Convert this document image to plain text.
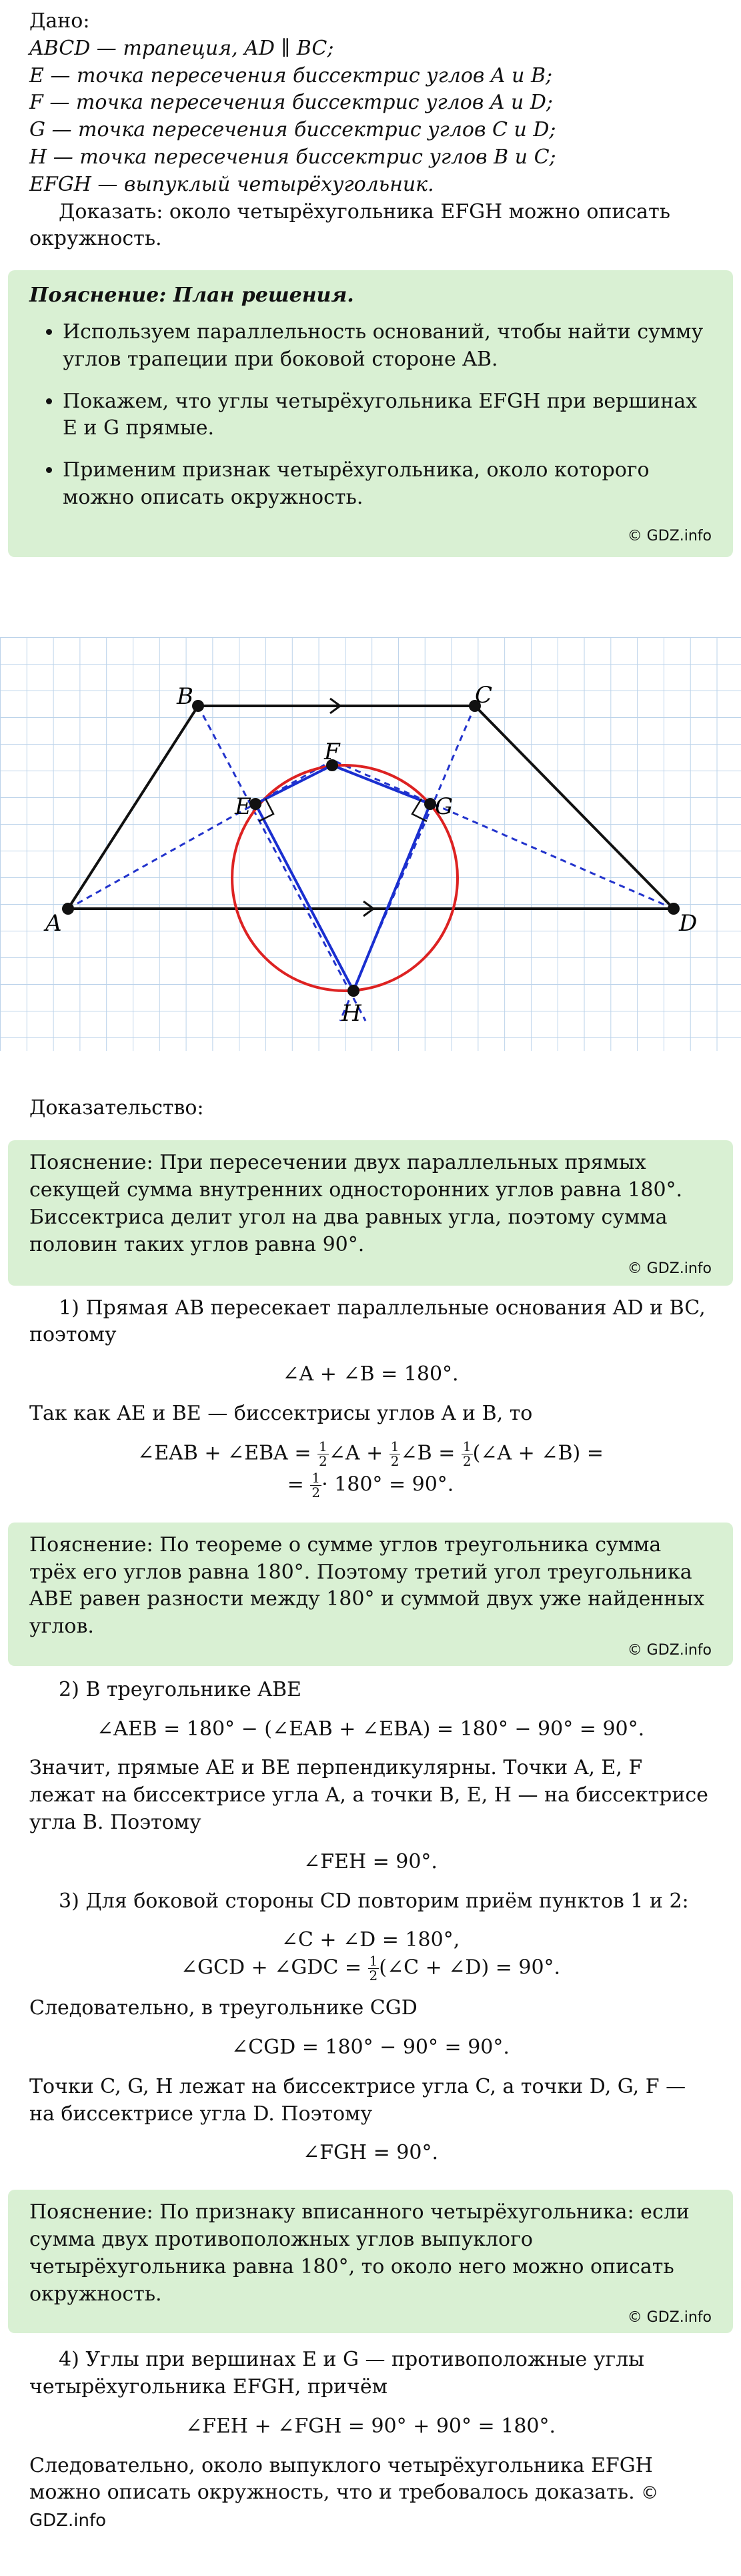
Дано:

ABCD — трапеция, AD ∥ BC;

E — точка пересечения биссектрис углов A и B;

F — точка пересечения биссектрис углов A и D;

G — точка пересечения биссектрис углов C и D;

H — точка пересечения биссектрис углов B и C;

EFGH — выпуклый четырёхугольник.

Доказать: около четырёхугольника EFGH можно описать окружность.

Пояснение: План решения.
• Используем параллельность оснований, чтобы найти сумму углов трапеции при боковой стороне AB.
• Покажем, что углы четырёхугольника EFGH при вершинах E и G прямые.
• Применим признак четырёхугольника, около которого можно описать окружность.
© GDZ.info
A
B	C
D
E
F
G
H

Доказательство:

Пояснение: При пересечении двух параллельных прямых секущей сумма внутренних односторонних углов равна 180°. Биссектриса делит угол на два равных угла, поэтому сумма половин таких углов равна 90°.

© GDZ.info

1) Прямая AB пересекает параллельные основания AD и BC, поэтому

∠A + ∠B = 180°.

Так как AE и BE — биссектрисы углов A и B, то

∠EAB + ∠EBA = $\frac{1}{2}$ ∠A + $\frac{1}{2}$ ∠B = $\frac{1}{2}$ (∠A + ∠B) =
= $\frac{1}{2} \cdot 180^\circ = 90^\circ$.

Пояснение: По теореме о сумме углов треугольника сумма трёх его углов равна 180°. Поэтому третий угол треугольника ABE равен разности между 180° и суммой двух уже найденных углов.

© GDZ.info

2) В треугольнике ABE

∠AEB = 180° − (∠EAB + ∠EBA) = 180° − 90° = 90°.

Значит, прямые AE и BE перпендикулярны. Точки A, E, F лежат на биссектрисе угла A, а точки B, E, H — на биссектрисе угла B. Поэтому

∠FEH = 90°.

3) Для боковой стороны CD повторим приём пунктов 1 и 2:

∠C + ∠D = 180°,
∠GCD + ∠GDC = $\frac{1}{2}$ (∠C + ∠D) = 90°.

Следовательно, в треугольнике CGD

∠CGD = 180° − 90° = 90°.

Точки C, G, H лежат на биссектрисе угла C, а точки D, G, F — на биссектрисе угла D. Поэтому

∠FGH = 90°.

Пояснение: По признаку вписанного четырёхугольника: если сумма двух противоположных углов выпуклого четырёхугольника равна 180°, то около него можно описать окружность.

© GDZ.info

4) Углы при вершинах E и G — противоположные углы четырёхугольника EFGH, причём

∠FEH + ∠FGH = 90° + 90° = 180°.

Следовательно, около выпуклого четырёхугольника EFGH можно описать окружность, что и требовалось доказать. © GDZ.info
